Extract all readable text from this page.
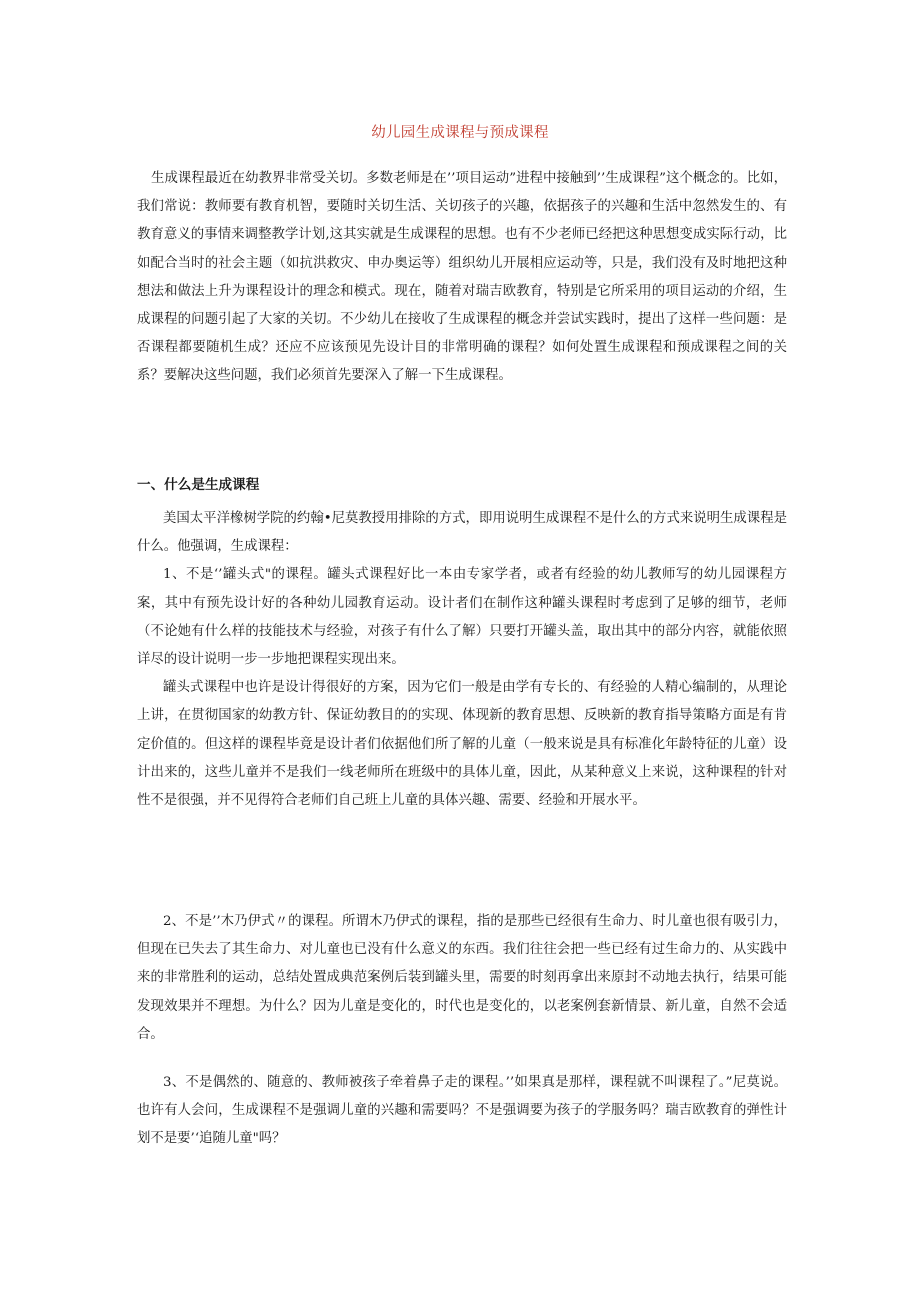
幼儿园生成课程与预成课程

生成课程最近在幼教界非常受关切。多数老师是在’’项目运动”进程中接触到’’生成课程”这个概念的。比如，我们常说：教师要有教育机智，要随时关切生活、关切孩子的兴趣，依据孩子的兴趣和生活中忽然发生的、有教育意义的事情来调整教学计划,这其实就是生成课程的思想。也有不少老师已经把这种思想变成实际行动，比如配合当时的社会主题（如抗洪救灾、申办奥运等）组织幼儿开展相应运动等，只是，我们没有及时地把这种想法和做法上升为课程设计的理念和模式。现在，随着对瑞吉欧教育，特别是它所采用的项目运动的介绍，生成课程的问题引起了大家的关切。不少幼儿在接收了生成课程的概念并尝试实践时，提出了这样一些问题：是否课程都要随机生成？还应不应该预见先设计目的非常明确的课程？如何处置生成课程和预成课程之间的关系？要解决这些问题，我们必须首先要深入了解一下生成课程。

一、什么是生成课程

美国太平洋橡树学院的约翰•尼莫教授用排除的方式，即用说明生成课程不是什么的方式来说明生成课程是什么。他强调，生成课程：

1、不是‘’罐头式"的课程。罐头式课程好比一本由专家学者，或者有经验的幼儿教师写的幼儿园课程方案，其中有预先设计好的各种幼儿园教育运动。设计者们在制作这种罐头课程时考虑到了足够的细节，老师（不论她有什么样的技能技术与经验，对孩子有什么了解）只要打开罐头盖，取出其中的部分内容，就能依照详尽的设计说明一步一步地把课程实现出来。

罐头式课程中也许是设计得很好的方案，因为它们一般是由学有专长的、有经验的人精心编制的，从理论上讲，在贯彻国家的幼教方针、保证幼教目的的实现、体现新的教育思想、反映新的教育指导策略方面是有肯定价值的。但这样的课程毕竟是设计者们依据他们所了解的儿童（一般来说是具有标准化年龄特征的儿童）设计出来的，这些儿童并不是我们一线老师所在班级中的具体儿童，因此，从某种意义上来说，这种课程的针对性不是很强，并不见得符合老师们自己班上儿童的具体兴趣、需要、经验和开展水平。

2、不是’’木乃伊式〃的课程。所谓木乃伊式的课程，指的是那些已经很有生命力、时儿童也很有吸引力，但现在已失去了其生命力、对儿童也已没有什么意义的东西。我们往往会把一些已经有过生命力的、从实践中来的非常胜利的运动，总结处置成典范案例后装到罐头里，需要的时刻再拿出来原封不动地去执行，结果可能发现效果并不理想。为什么？因为儿童是变化的，时代也是变化的，以老案例套新情景、新儿童，自然不会适合。

3、不是偶然的、随意的、教师被孩子牵着鼻子走的课程。’’如果真是那样，课程就不叫课程了。”尼莫说。也许有人会问，生成课程不是强调儿童的兴趣和需要吗？不是强调要为孩子的学服务吗？瑞吉欧教育的弹性计划不是要’‘追随儿童"吗？
